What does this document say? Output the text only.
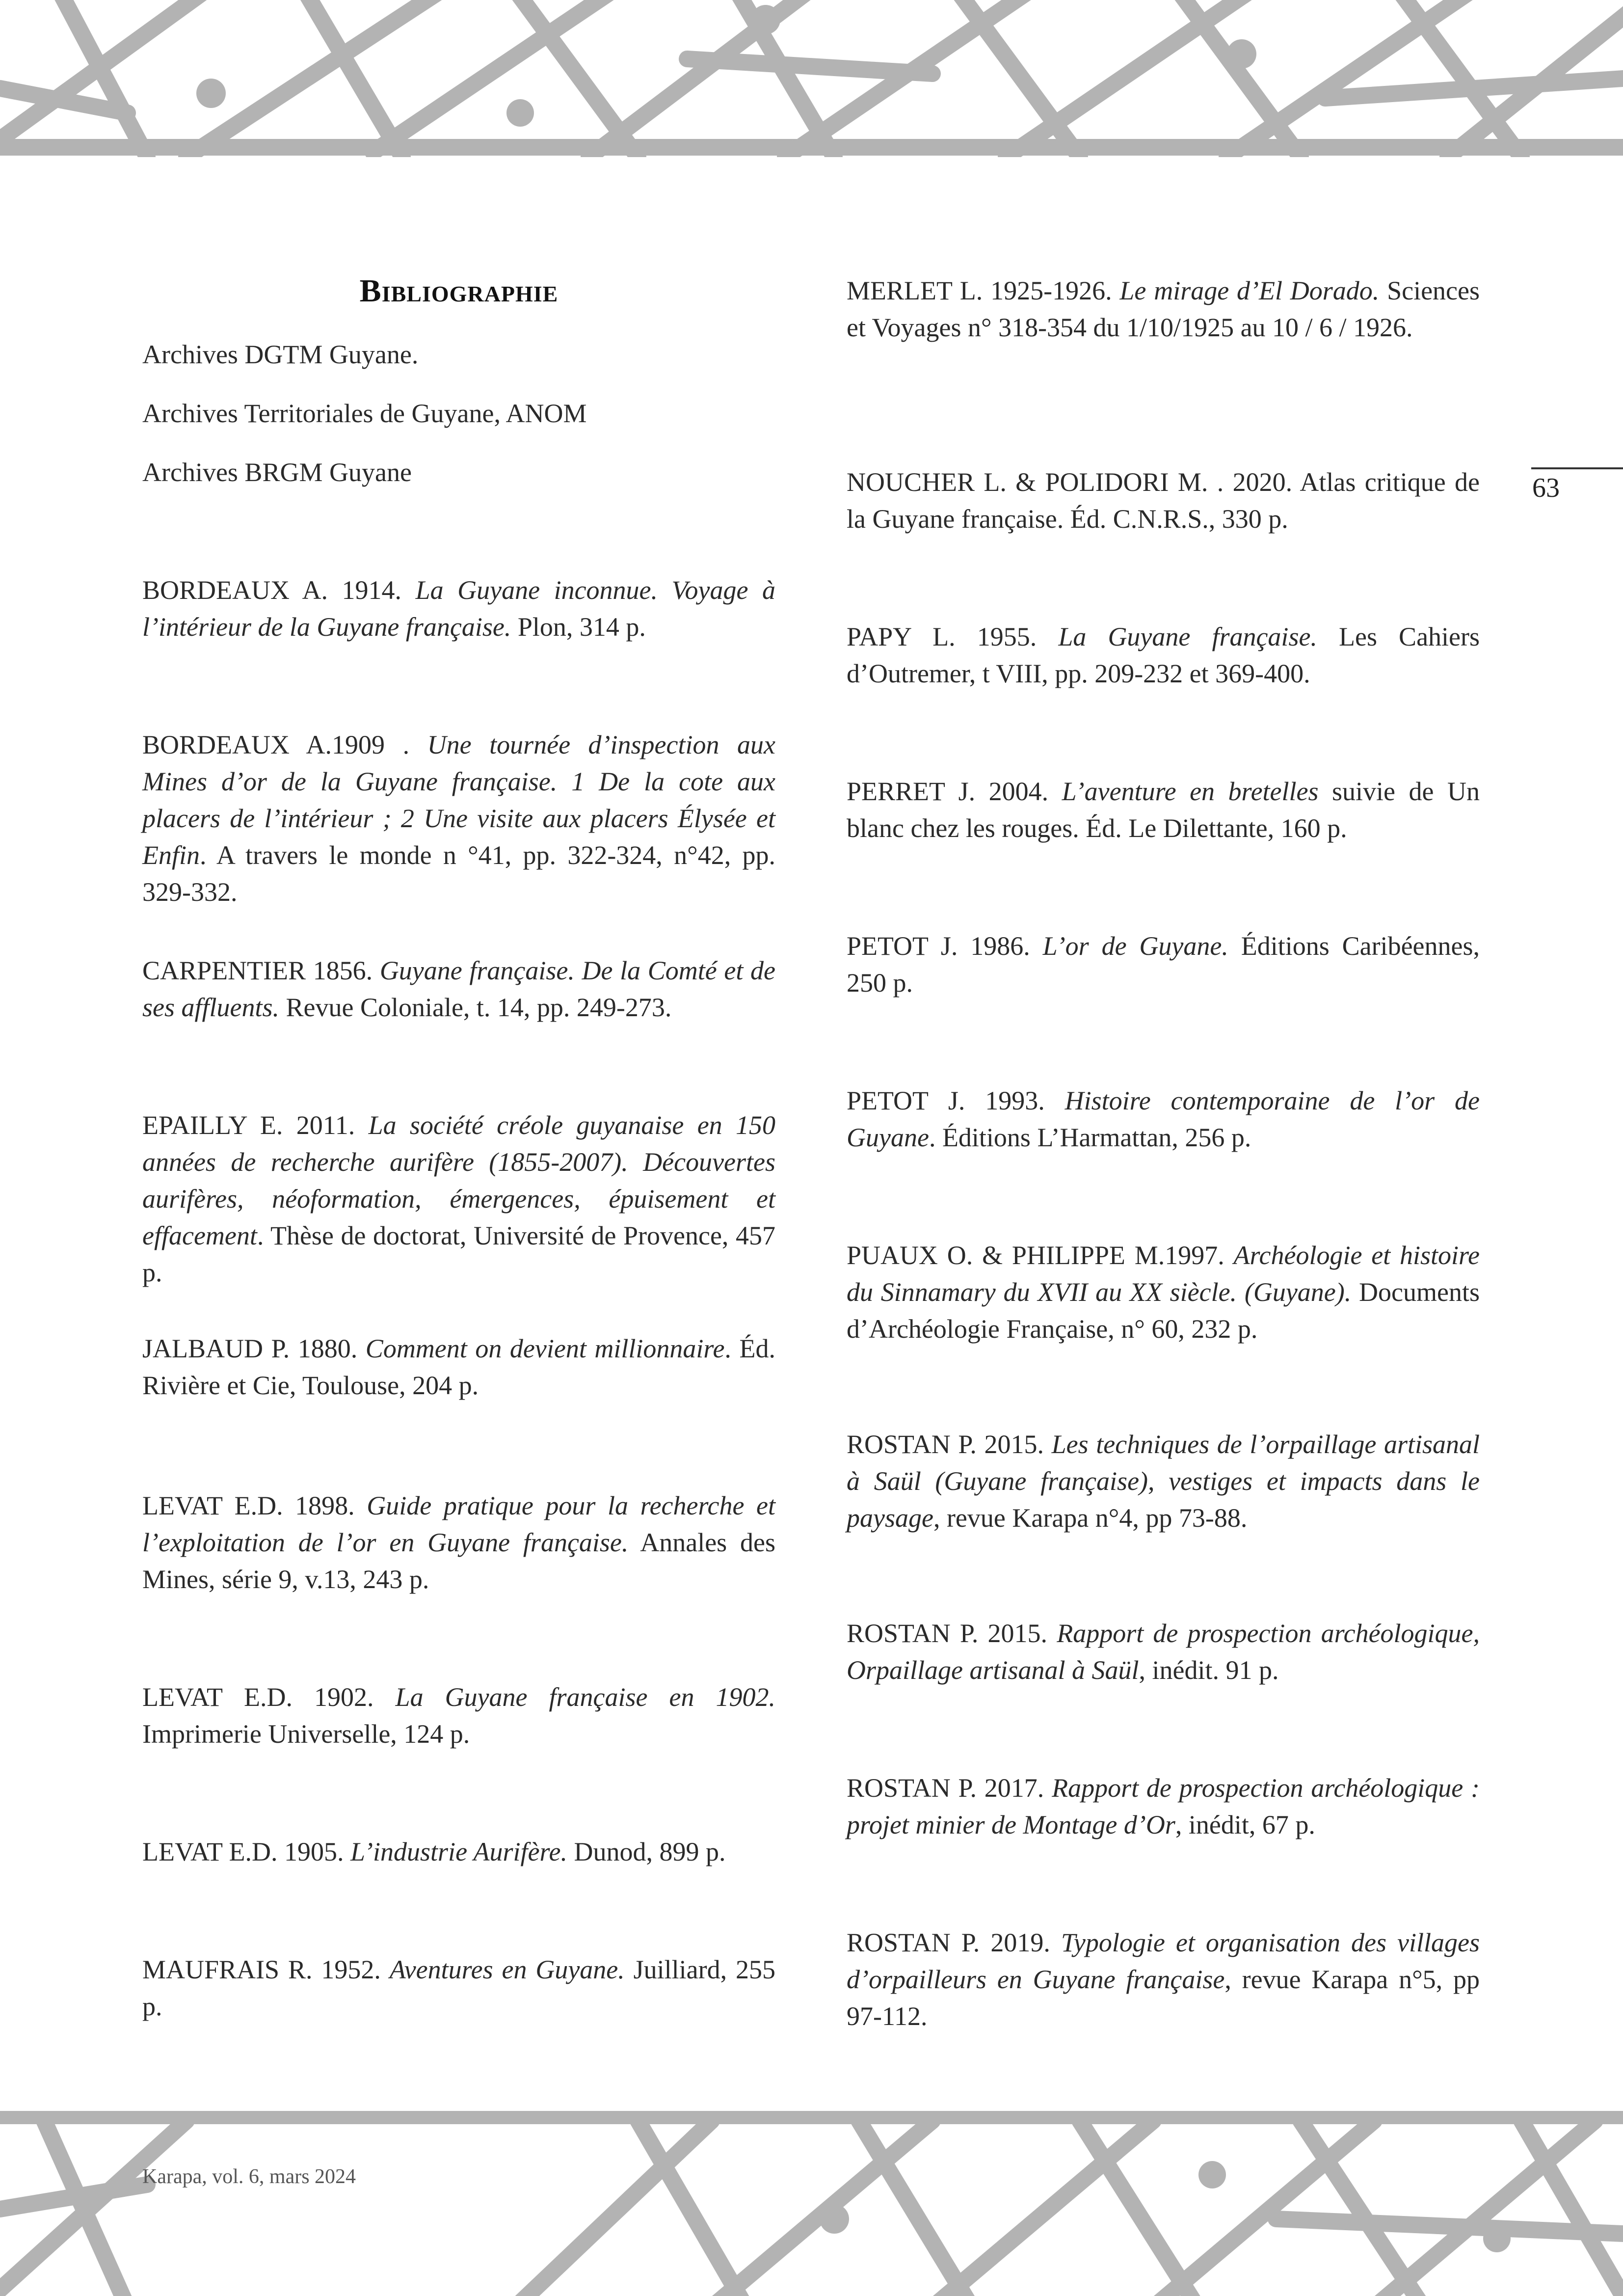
Bibliographie

Archives DGTM Guyane.

Archives Territoriales de Guyane, ANOM

Archives BRGM Guyane

BORDEAUX A. 1914. La Guyane inconnue. Voyage à l’intérieur de la Guyane française. Plon, 314 p.

BORDEAUX A.1909 . Une tournée d’inspection aux Mines d’or de la Guyane française. 1 De la cote aux placers de l’intérieur ; 2 Une visite aux placers Élysée et Enfin. A travers le monde n °41, pp. 322-324, n°42, pp. 329-332.

CARPENTIER 1856. Guyane française. De la Comté et de ses affluents. Revue Coloniale, t. 14, pp. 249-273.

EPAILLY E. 2011. La société créole guyanaise en 150 années de recherche aurifère (1855-2007). Découvertes aurifères, néoformation, émergences, épuisement et effacement. Thèse de doctorat, Université de Provence, 457 p.

JALBAUD P. 1880. Comment on devient millionnaire. Éd. Rivière et Cie, Toulouse, 204 p.

LEVAT E.D. 1898. Guide pratique pour la recherche et l’exploitation de l’or en Guyane française. Annales des Mines, série 9, v.13, 243 p.

LEVAT E.D. 1902. La Guyane française en 1902. Imprimerie Universelle, 124 p.

LEVAT E.D. 1905. L’industrie Aurifère. Dunod, 899 p.

MAUFRAIS R. 1952. Aventures en Guyane. Juilliard, 255 p.

MERLET L. 1925-1926. Le mirage d’El Dorado. Sciences et Voyages n° 318-354 du 1/10/1925 au 10 / 6 / 1926.

NOUCHER L. & POLIDORI M. . 2020. Atlas critique de la Guyane française. Éd. C.N.R.S., 330 p.

PAPY L. 1955. La Guyane française. Les Cahiers d’Outremer, t VIII, pp. 209-232 et 369-400.

PERRET J. 2004. L’aventure en bretelles suivie de Un blanc chez les rouges. Éd. Le Dilettante, 160 p.

PETOT J. 1986. L’or de Guyane. Éditions Caribéennes, 250 p.

PETOT J. 1993. Histoire contemporaine de l’or de Guyane. Éditions L’Harmattan, 256 p.

PUAUX O. & PHILIPPE M.1997. Archéologie et histoire du Sinnamary du XVII au XX siècle. (Guyane). Documents d’Archéologie Française, n° 60, 232 p.

ROSTAN P. 2015. Les techniques de l’orpaillage artisanal à Saül (Guyane française), vestiges et impacts dans le paysage, revue Karapa n°4, pp 73-88.

ROSTAN P. 2015. Rapport de prospection archéologique, Orpaillage artisanal à Saül, inédit. 91 p.

ROSTAN P. 2017. Rapport de prospection archéologique : projet minier de Montage d’Or, inédit, 67 p.

ROSTAN P. 2019. Typologie et organisation des villages d’orpailleurs en Guyane française, revue Karapa n°5, pp 97-112.

63
Karapa, vol. 6, mars 2024
